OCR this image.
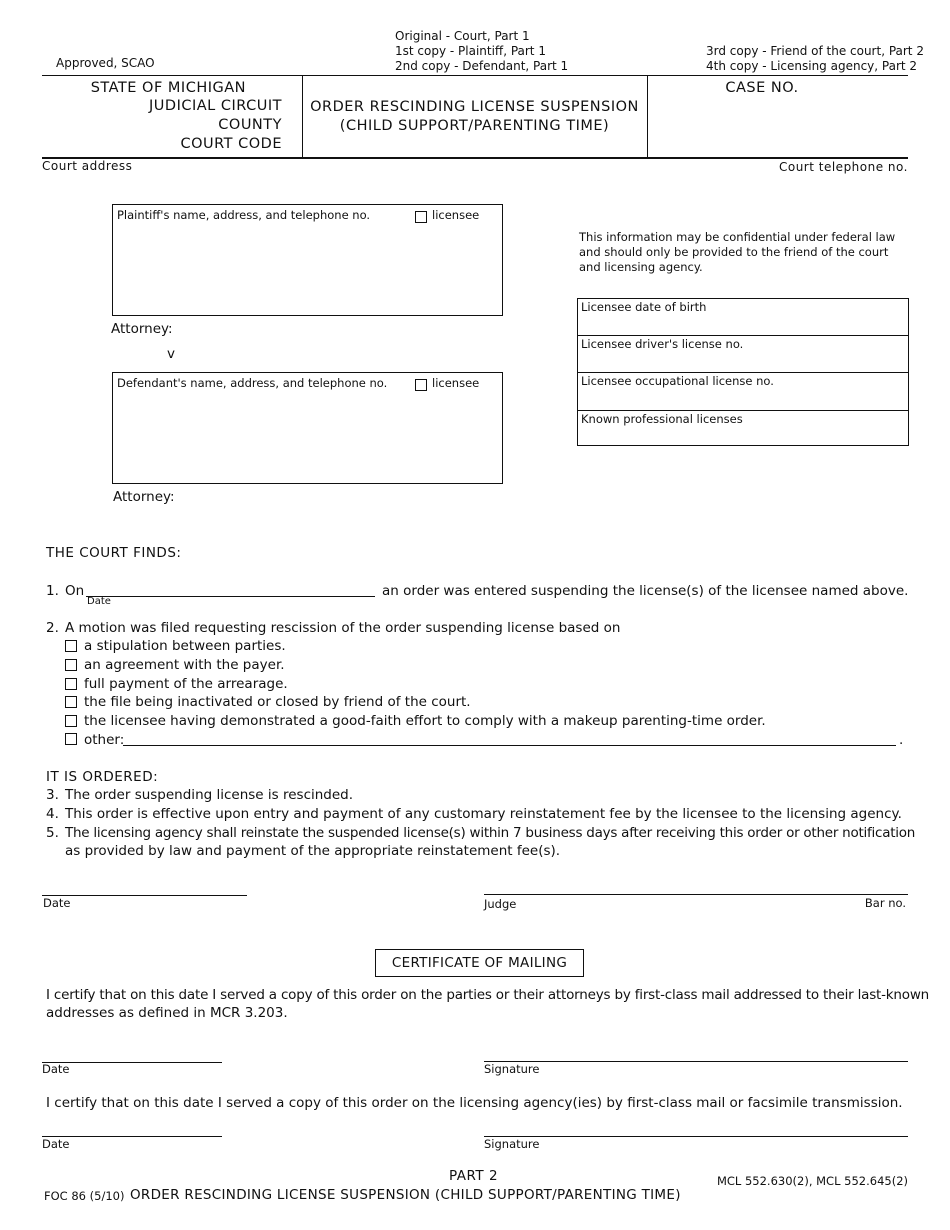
Approved, SCAO
Original - Court, Part 1
1st copy - Plaintiff, Part 1
2nd copy - Defendant, Part 1
3rd copy - Friend of the court, Part 2
4th copy - Licensing agency, Part 2
STATE OF MICHIGAN
JUDICIAL CIRCUIT
COUNTY
COURT CODE
ORDER RESCINDING LICENSE SUSPENSION
(CHILD SUPPORT/PARENTING TIME)
CASE NO.
Court address	Court telephone no.
Plaintiff's name, address, and telephone no.	licensee
Attorney:
v
Defendant's name, address, and telephone no.	licensee
Attorney:
This information may be confidential under federal law and should only be provided to the friend of the court and licensing agency.
Licensee date of birth
Licensee driver's license no.
Licensee occupational license no.
Known professional licenses
THE COURT FINDS:
1. On
Date
an order was entered suspending the license(s) of the licensee named above.
2. A motion was filed requesting rescission of the order suspending license based on
a stipulation between parties.
an agreement with the payer.
full payment of the arrearage.
the file being inactivated or closed by friend of the court.
the licensee having demonstrated a good-faith effort to comply with a makeup parenting-time order.
other:	.
IT IS ORDERED:
3. The order suspending license is rescinded.
4. This order is effective upon entry and payment of any customary reinstatement fee by the licensee to the licensing agency.
5. The licensing agency shall reinstate the suspended license(s) within 7 business days after receiving this order or other notification
as provided by law and payment of the appropriate reinstatement fee(s).
Date	Judge	Bar no.
CERTIFICATE OF MAILING
I certify that on this date I served a copy of this order on the parties or their attorneys by first-class mail addressed to their last-known
addresses as defined in MCR 3.203.
Date	Signature
I certify that on this date I served a copy of this order on the licensing agency(ies) by first-class mail or facsimile transmission.
Date	Signature
PART 2	MCL 552.630(2), MCL 552.645(2)
FOC 86 (5/10) ORDER RESCINDING LICENSE SUSPENSION (CHILD SUPPORT/PARENTING TIME)
